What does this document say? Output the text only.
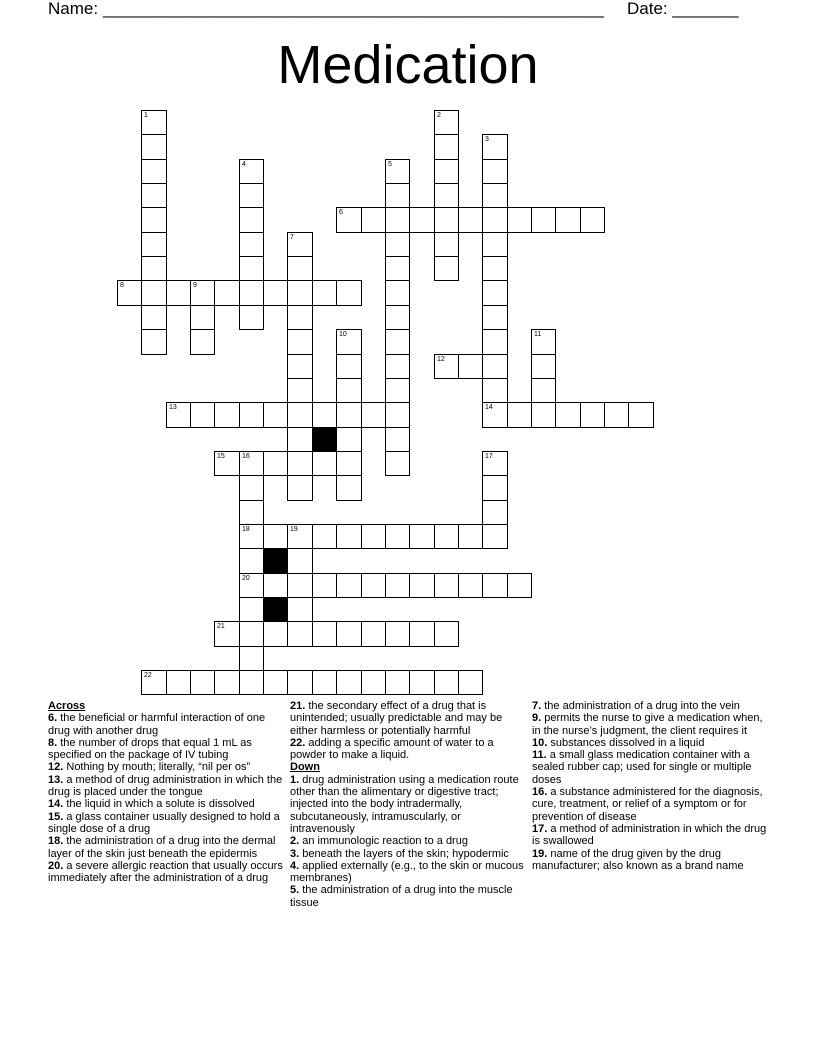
Name: _____________________________________________________ Date: _______
Medication
6
8	9
12
13	14
15 16
18	19
20
21
22
1	2
3
4	5
7
10	11
17
Across
6 . the beneficial or harmful interaction of one drug with another drug
8 . the number of drops that equal 1 mL as specified on the package of IV tubing
12 . Nothing by mouth; literally, “nil per os”
13 . a method of drug administration in which the drug is placed under the tongue
14 . the liquid in which a solute is dissolved
15 . a glass container usually designed to hold a single dose of a drug
18 . the administration of a drug into the dermal layer of the skin just beneath the epidermis
20 . a severe allergic reaction that usually occurs immediately after the administration of a drug
21 . the secondary effect of a drug that is unintended; usually predictable and may be either harmless or potentially harmful
22 . adding a specific amount of water to a powder to make a liquid.
Down
1 . drug administration using a medication route other than the alimentary or digestive tract; injected into the body intradermally, subcutaneously, intramuscularly, or intravenously
2 . an immunologic reaction to a drug
3 . beneath the layers of the skin; hypodermic
4 . applied externally (e.g., to the skin or mucous membranes)
5 . the administration of a drug into the muscle tissue
7 . the administration of a drug into the vein
9 . permits the nurse to give a medication when, in the nurse’s judgment, the client requires it
10 . substances dissolved in a liquid
11 . a small glass medication container with a sealed rubber cap; used for single or multiple doses
16 . a substance administered for the diagnosis, cure, treatment, or relief of a symptom or for prevention of disease
17 . a method of administration in which the drug is swallowed
19 . name of the drug given by the drug manufacturer; also known as a brand name
